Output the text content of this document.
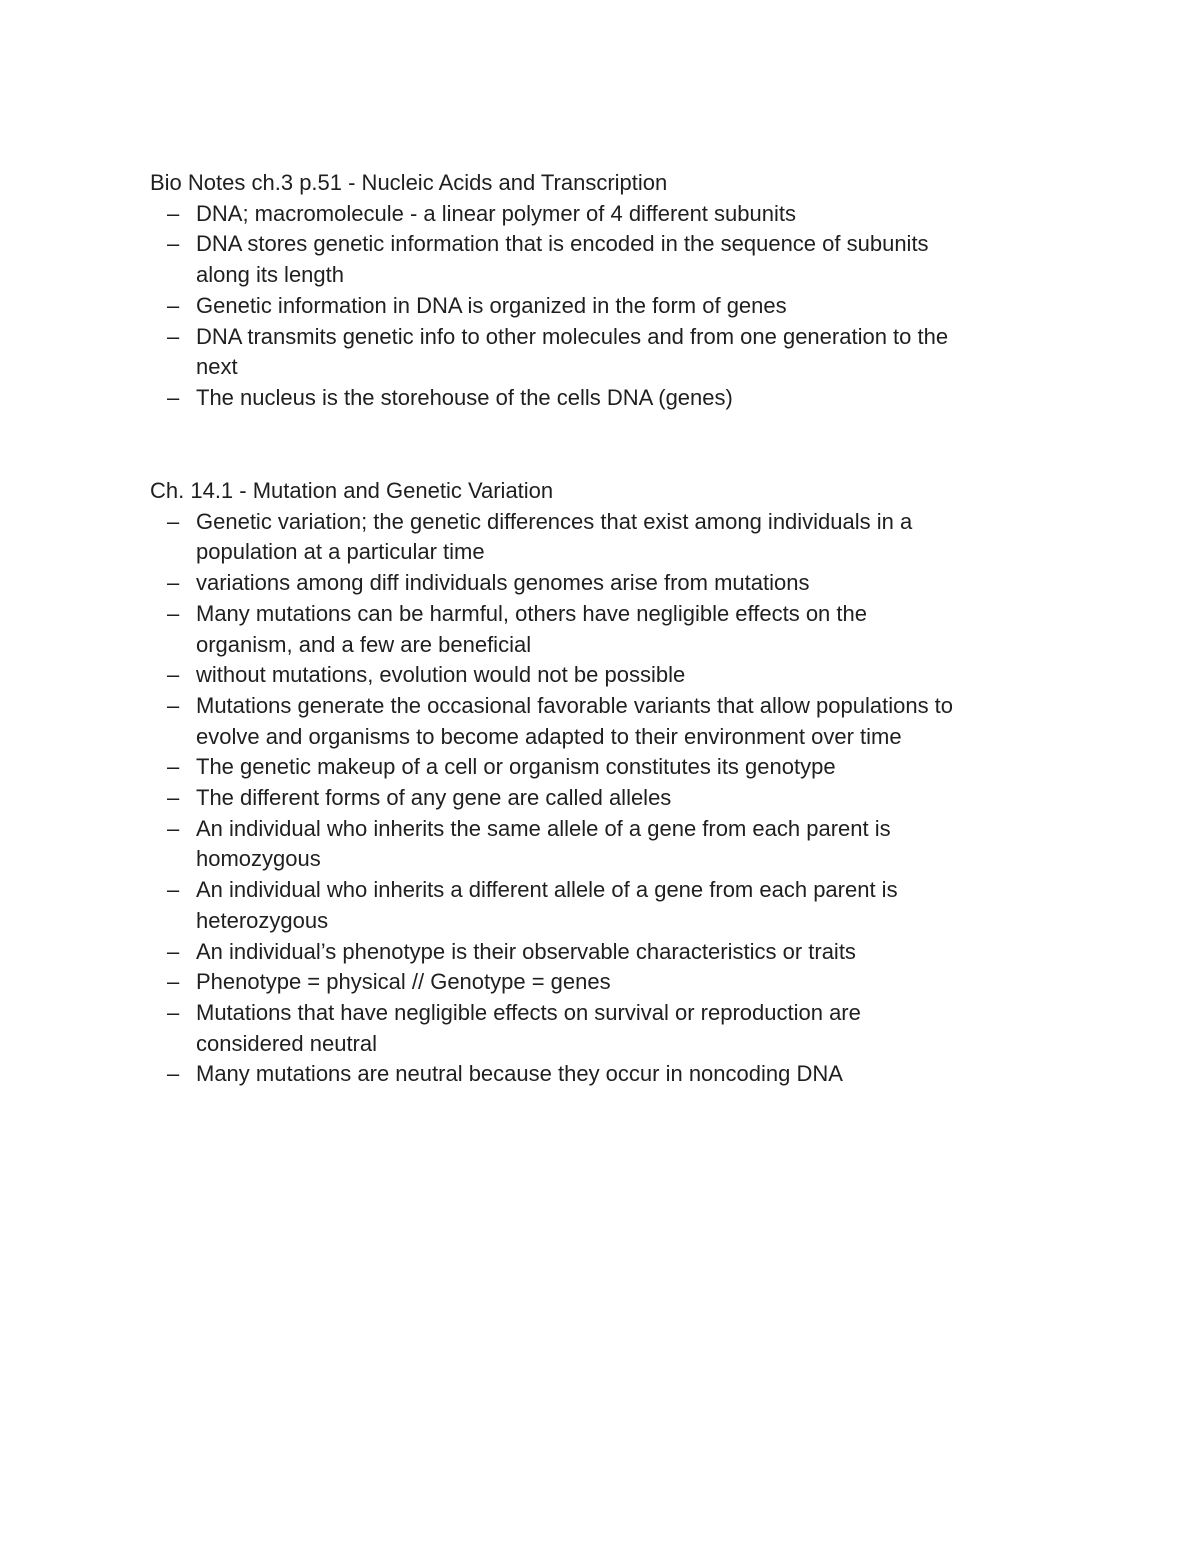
Bio Notes ch.3 p.51 - Nucleic Acids and Transcription
– DNA; macromolecule - a linear polymer of 4 different subunits
– DNA stores genetic information that is encoded in the sequence of subunits
along its length
– Genetic information in DNA is organized in the form of genes
– DNA transmits genetic info to other molecules and from one generation to the
next
– The nucleus is the storehouse of the cells DNA (genes)
Ch. 14.1 - Mutation and Genetic Variation
– Genetic variation; the genetic differences that exist among individuals in a
population at a particular time
– variations among diff individuals genomes arise from mutations
– Many mutations can be harmful, others have negligible effects on the
organism, and a few are beneficial
– without mutations, evolution would not be possible
– Mutations generate the occasional favorable variants that allow populations to
evolve and organisms to become adapted to their environment over time
– The genetic makeup of a cell or organism constitutes its genotype
– The different forms of any gene are called alleles
– An individual who inherits the same allele of a gene from each parent is
homozygous
– An individual who inherits a different allele of a gene from each parent is
heterozygous
– An individual’s phenotype is their observable characteristics or traits
– Phenotype = physical // Genotype = genes
– Mutations that have negligible effects on survival or reproduction are
considered neutral
– Many mutations are neutral because they occur in noncoding DNA
